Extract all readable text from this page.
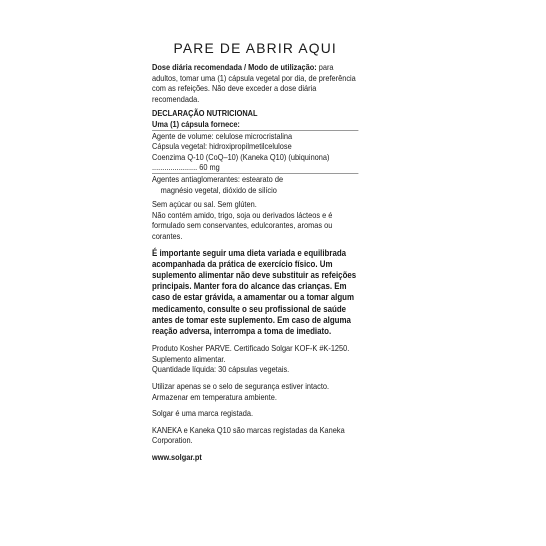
PARE DE ABRIR AQUI

Dose diária recomendada / Modo de utilização: para adultos, tomar uma (1) cápsula vegetal por dia, de preferência com as refeições. Não deve exceder a dose diária recomendada.

DECLARAÇÃO NUTRICIONAL

Uma (1) cápsula fornece:

Agente de volume: celulose microcristalina

Cápsula vegetal: hidroxipropilmetilcelulose

Coenzima Q-10 (CoQ–10) (Kaneka Q10) (ubiquinona) ...................... 60 mg

Agentes antiaglomerantes: estearato de

magnésio vegetal, dióxido de silício

Sem açúcar ou sal. Sem glúten.

Não contém amido, trigo, soja ou derivados lácteos e é formulado sem conservantes, edulcorantes, aromas ou corantes.

É importante seguir uma dieta variada e equilibrada acompanhada da prática de exercício físico. Um suplemento alimentar não deve substituir as refeições principais. Manter fora do alcance das crianças. Em caso de estar grávida, a amamentar ou a tomar algum medicamento, consulte o seu profissional de saúde antes de tomar este suplemento. Em caso de alguma reação adversa, interrompa a toma de imediato.

Produto Kosher PARVE. Certificado Solgar KOF-K #K-1250.

Suplemento alimentar.

Quantidade líquida: 30 cápsulas vegetais.

Utilizar apenas se o selo de segurança estiver intacto. Armazenar em temperatura ambiente.

Solgar é uma marca registada.

KANEKA e Kaneka Q10 são marcas registadas da Kaneka Corporation.

www.solgar.pt
